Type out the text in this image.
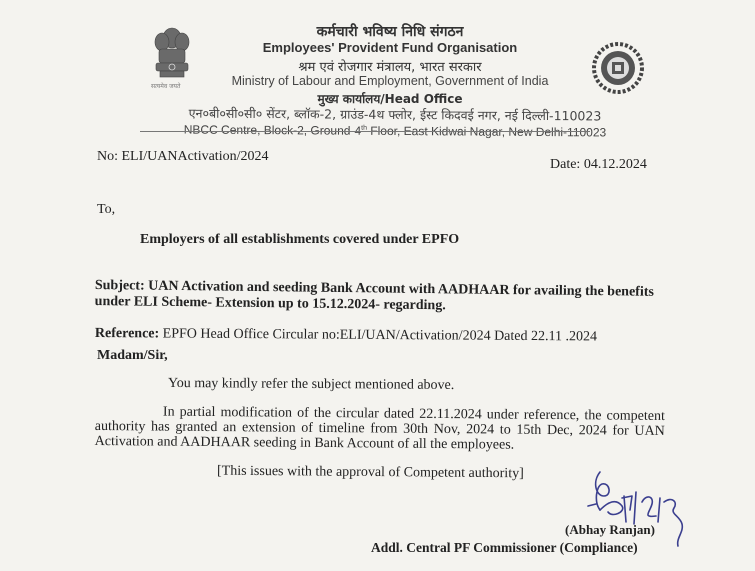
सत्यमेव जयते
कर्मचारी भविष्य निधि संगठन
Employees' Provident Fund Organisation
श्रम एवं रोजगार मंत्रालय, भारत सरकार
Ministry of Labour and Employment, Government of India
मुख्य कार्यालय/Head Office
एन०बी०सी०सी० सेंटर, ब्लॉक-2, ग्राउंड-4थ फ्लोर, ईस्ट किदवई नगर, नई दिल्ली-110023
NBCC Centre, Block-2, Ground-4th Floor, East Kidwai Nagar, New Delhi-110023
No: ELI/UANActivation/2024
Date: 04.12.2024
To,
Employers of all establishments covered under EPFO
Subject: UAN Activation and seeding Bank Account with AADHAAR for availing the benefits under ELI Scheme- Extension up to 15.12.2024- regarding.
Reference: EPFO Head Office Circular no:ELI/UAN/Activation/2024 Dated 22.11 .2024
Madam/Sir,
You may kindly refer the subject mentioned above.
In partial modification of the circular dated 22.11.2024 under reference, the competent authority has granted an extension of timeline from 30th Nov, 2024 to 15th Dec, 2024 for UAN Activation and AADHAAR seeding in Bank Account of all the employees.
[This issues with the approval of Competent authority]
(Abhay Ranjan)
Addl. Central PF Commissioner (Compliance)
